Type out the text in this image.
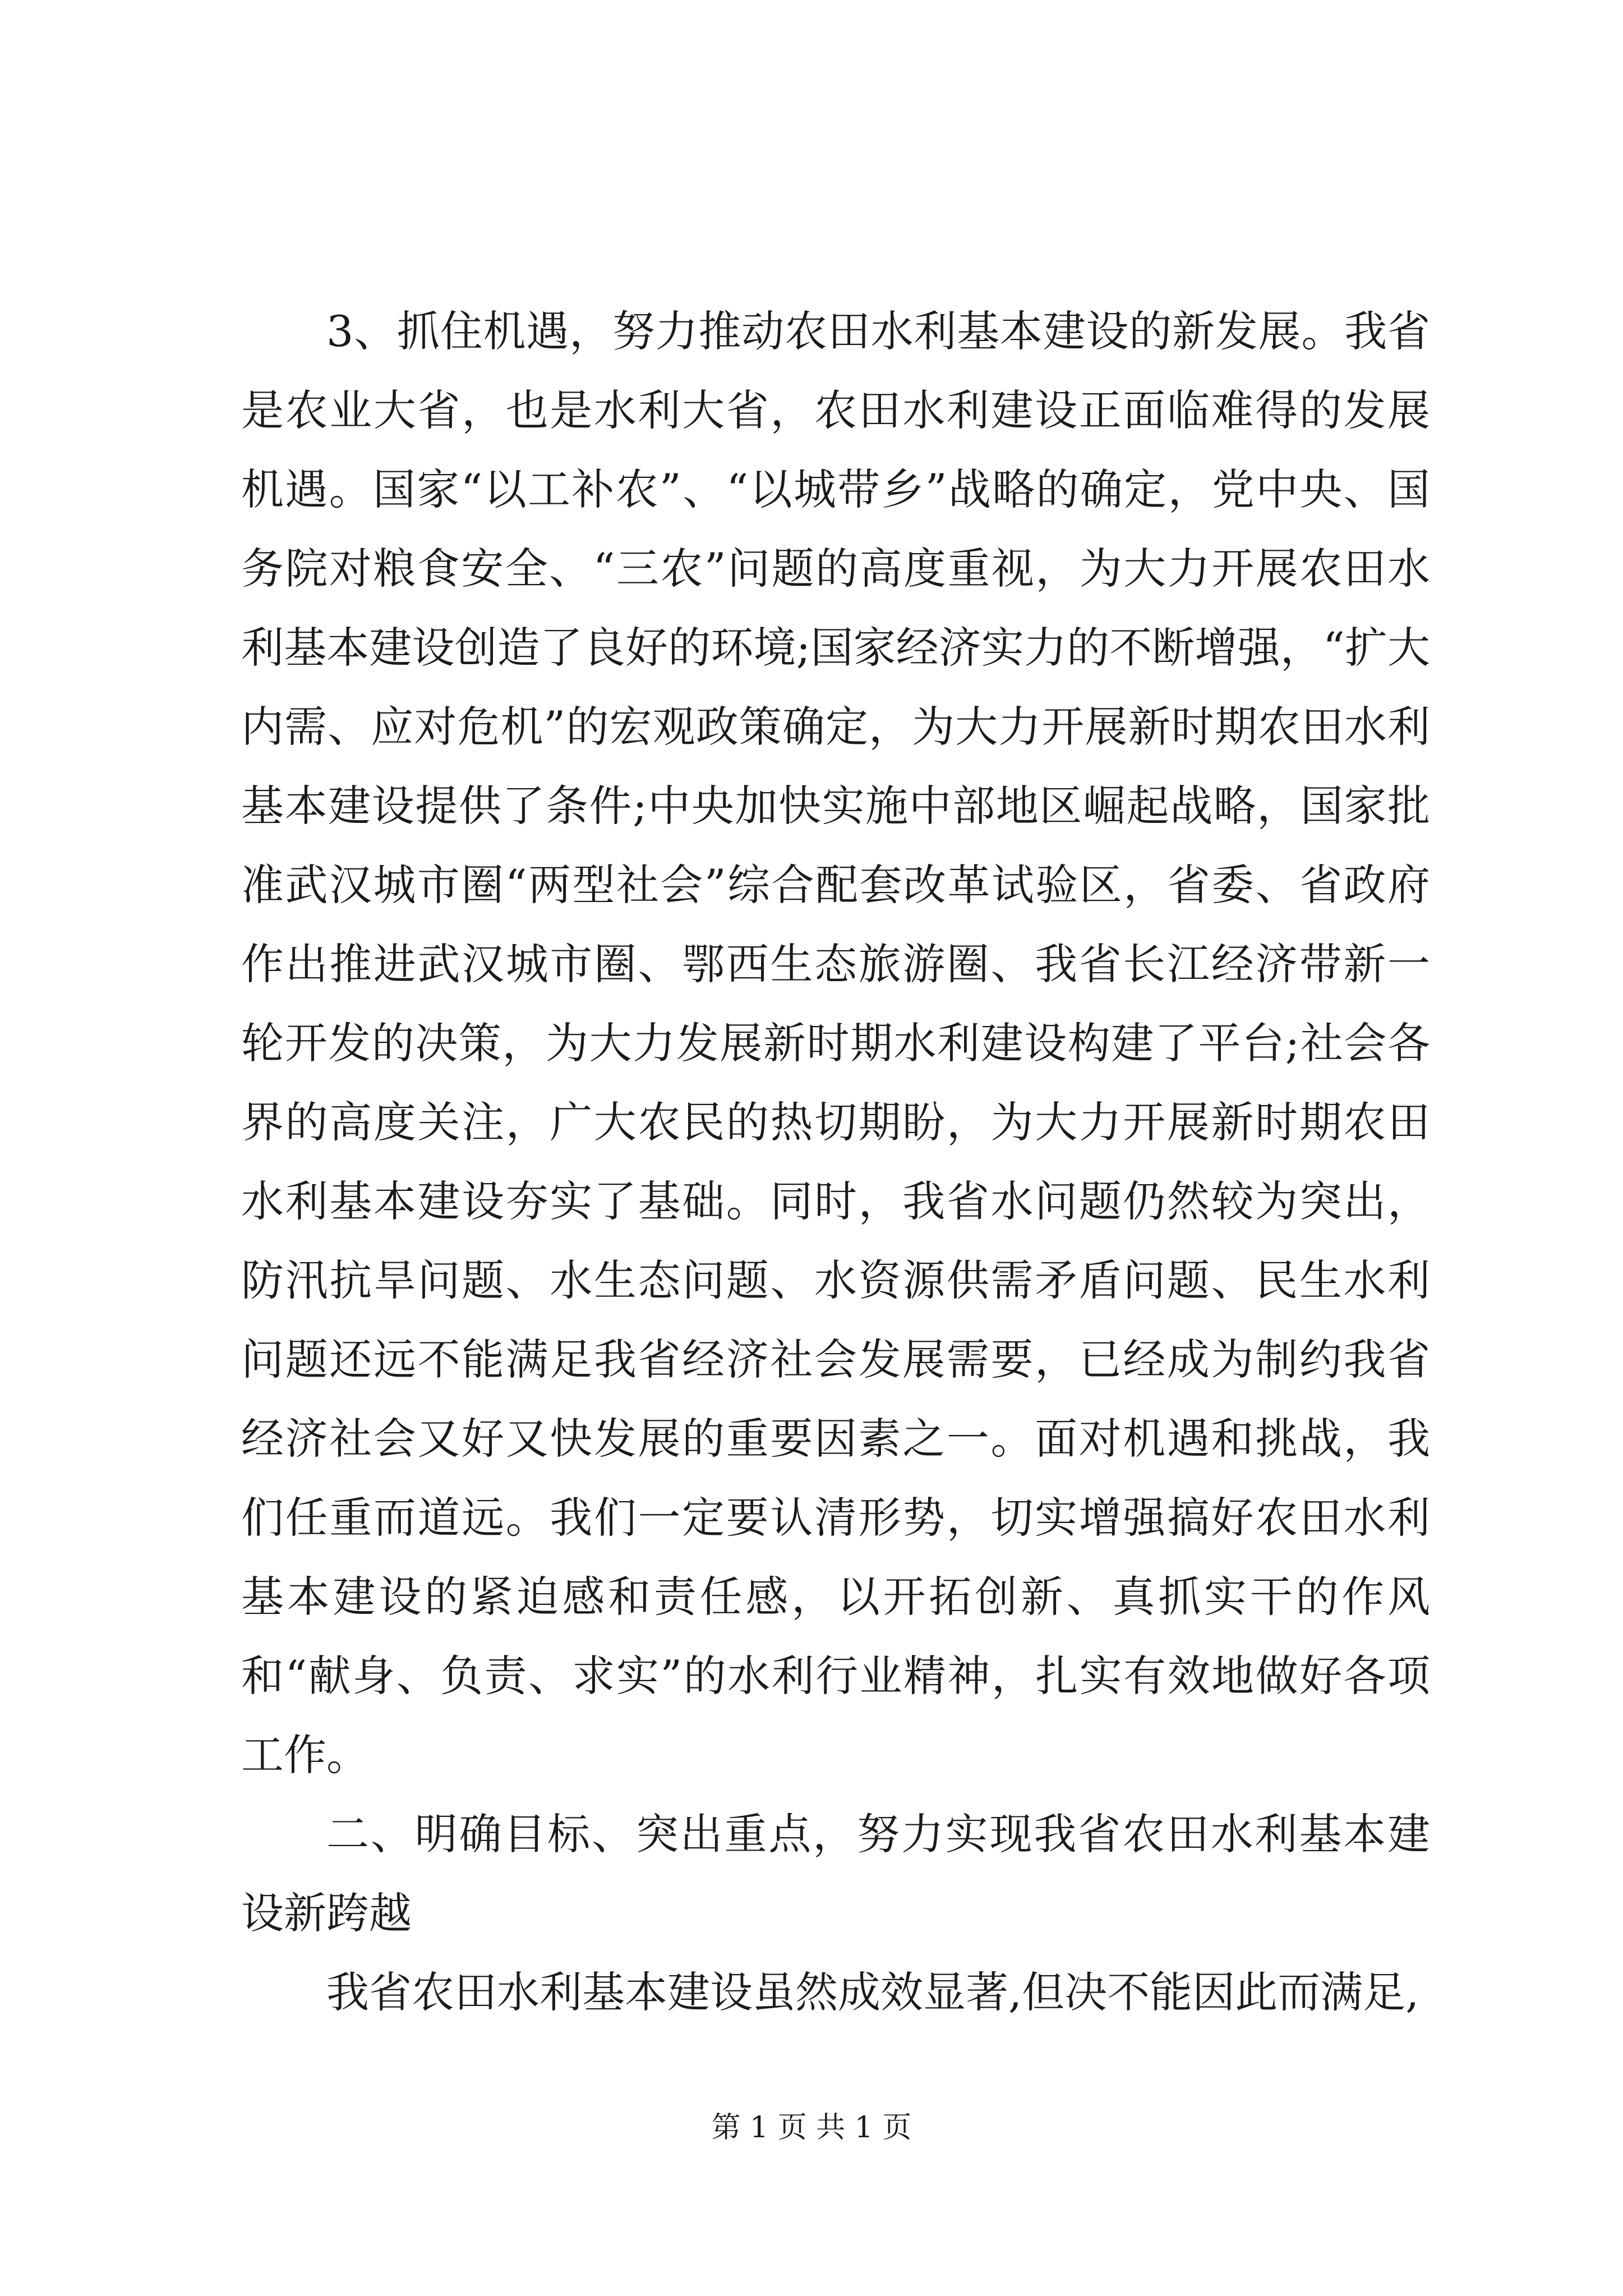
3、抓住机遇，努力推动农田水利基本建设的新发展。我省是农业大省，也是水利大省，农田水利建设正面临难得的发展机遇。国家“以工补农”、“以城带乡”战略的确定，党中央、国务院对粮食安全、“三农”问题的高度重视，为大力开展农田水利基本建设创造了良好的环境;国家经济实力的不断增强，“扩大内需、应对危机”的宏观政策确定，为大力开展新时期农田水利基本建设提供了条件;中央加快实施中部地区崛起战略，国家批准武汉城市圈“两型社会”综合配套改革试验区，省委、省政府作出推进武汉城市圈、鄂西生态旅游圈、我省长江经济带新一轮开发的决策，为大力发展新时期水利建设构建了平台;社会各界的高度关注，广大农民的热切期盼，为大力开展新时期农田水利基本建设夯实了基础。同时，我省水问题仍然较为突出，防汛抗旱问题、水生态问题、水资源供需矛盾问题、民生水利问题还远不能满足我省经济社会发展需要，已经成为制约我省经济社会又好又快发展的重要因素之一。面对机遇和挑战，我们任重而道远。我们一定要认清形势，切实增强搞好农田水利基本建设的紧迫感和责任感，以开拓创新、真抓实干的作风和“献身、负责、求实”的水利行业精神，扎实有效地做好各项工作。

二、明确目标、突出重点，努力实现我省农田水利基本建设新跨越

我省农田水利基本建设虽然成效显著,但决不能因此而满足,

第 1 页 共 1 页
